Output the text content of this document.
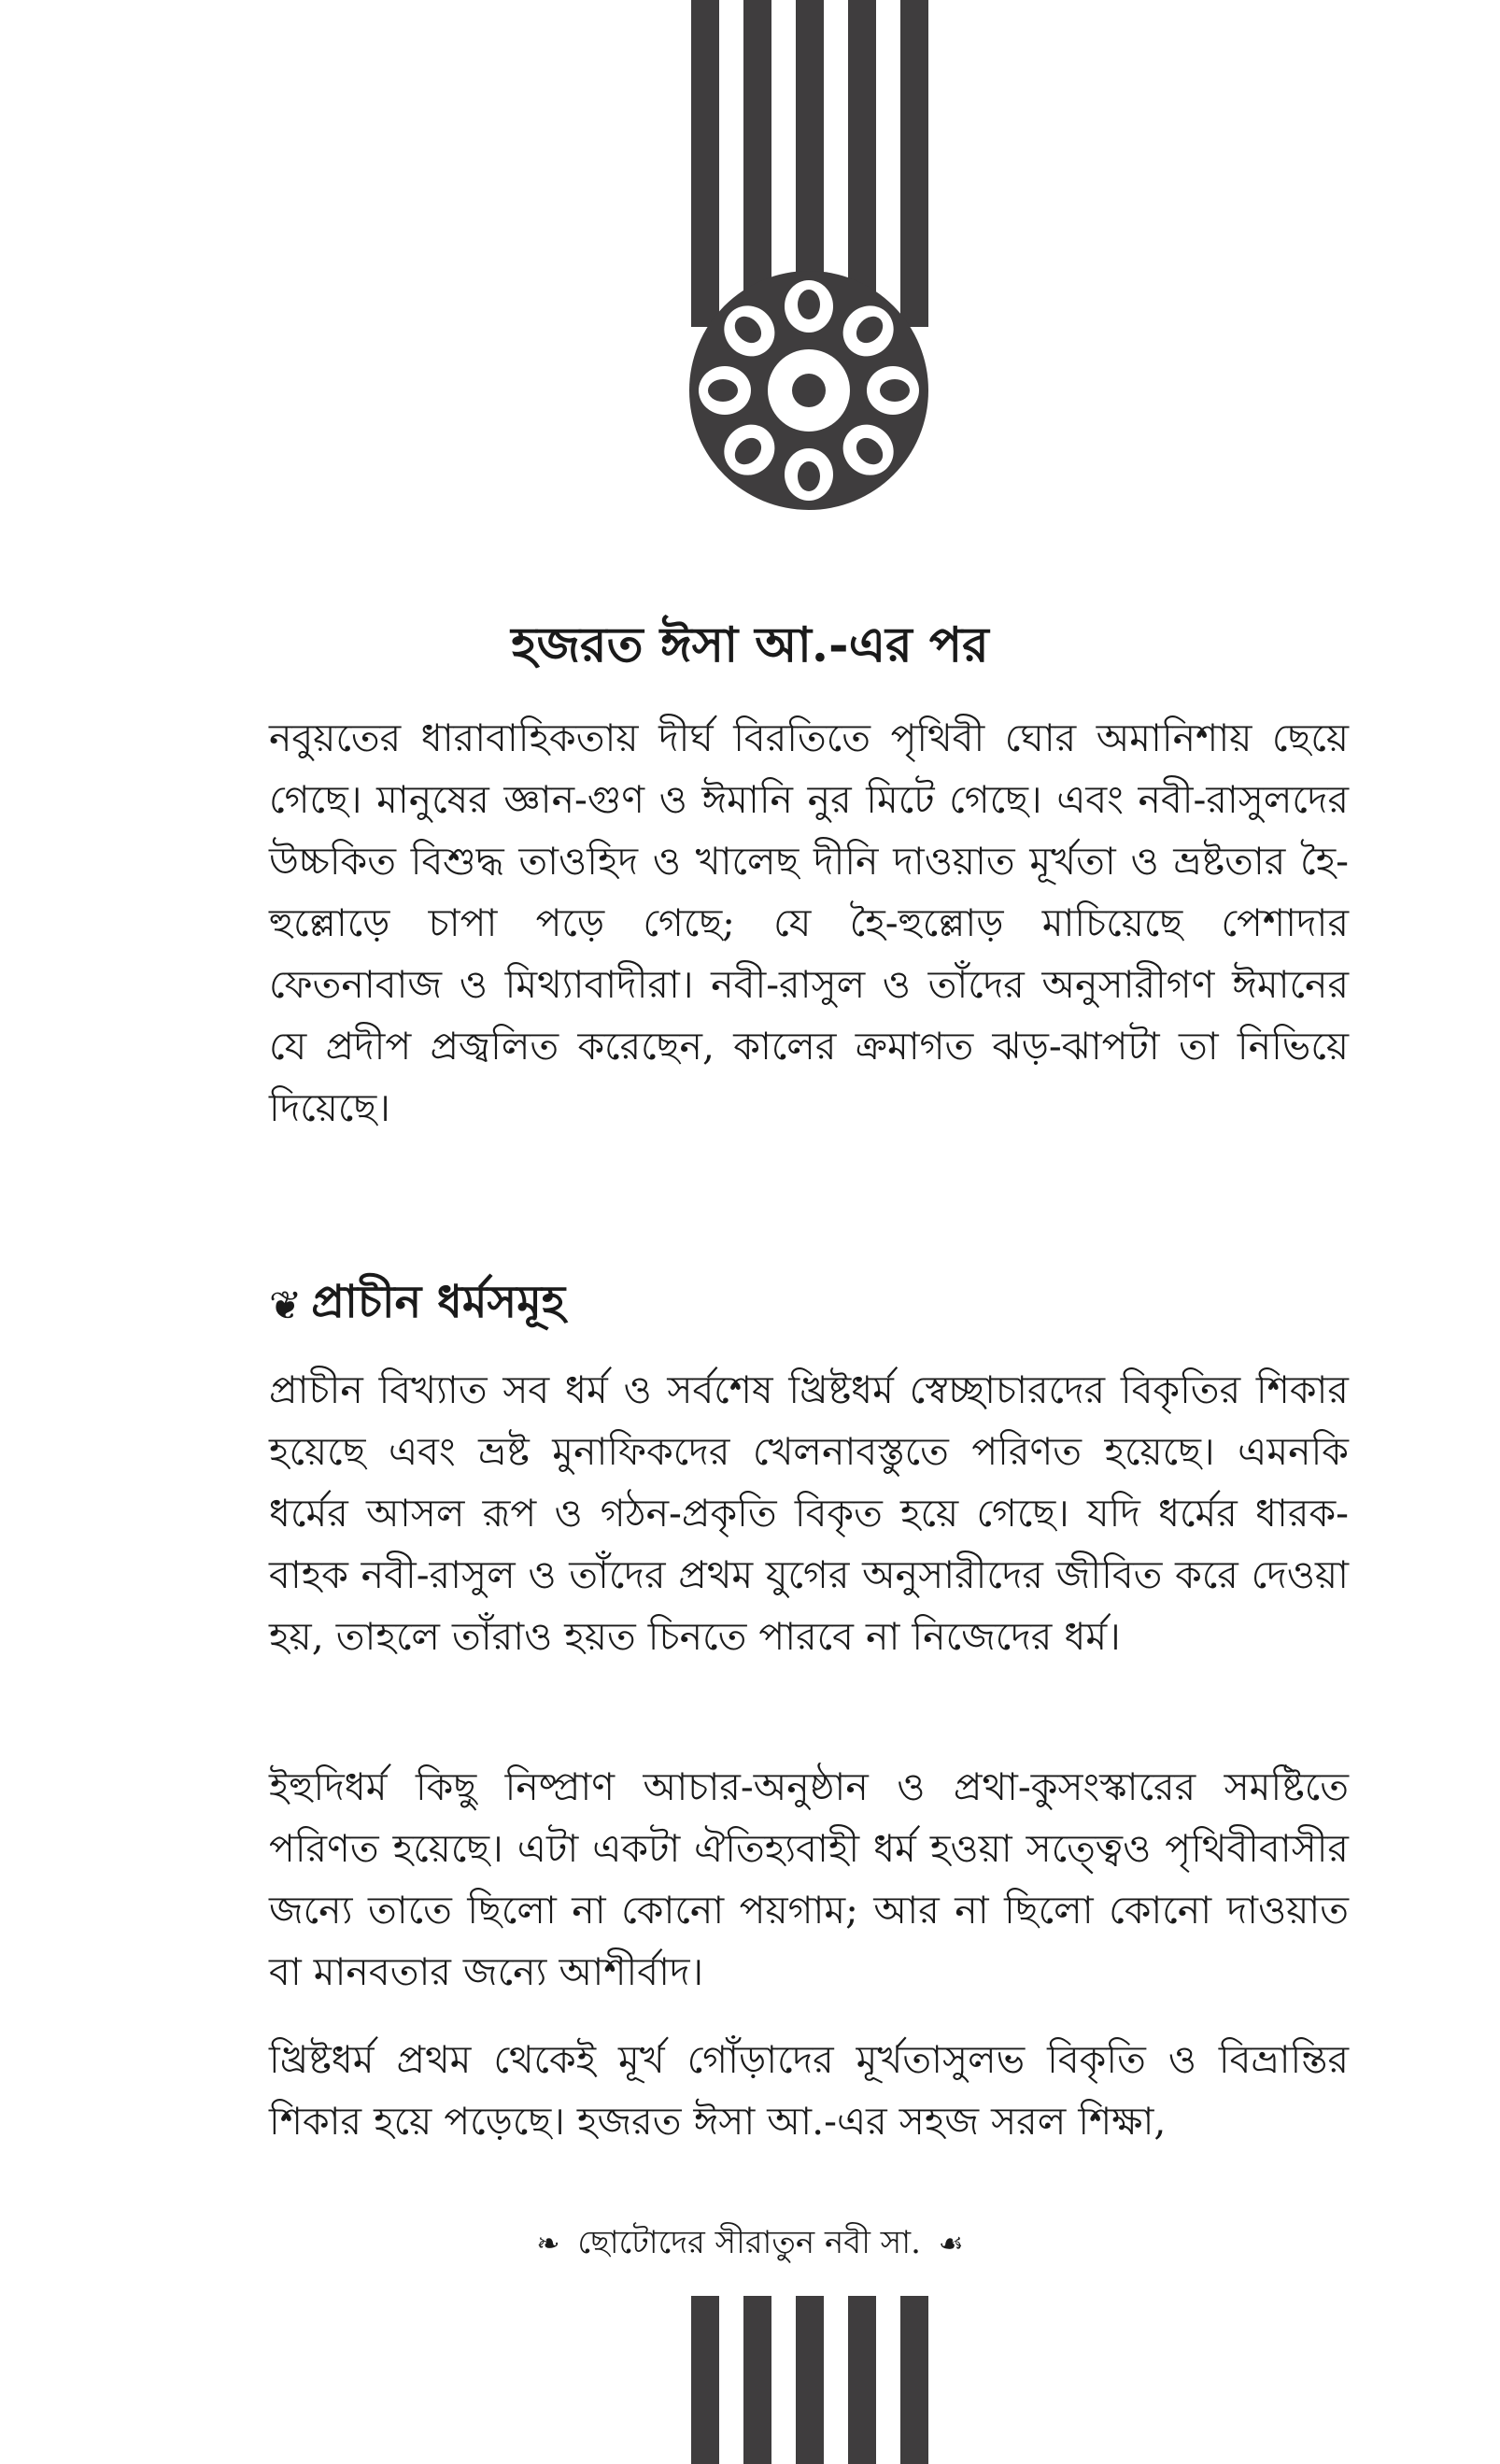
হজরত ঈসা আ.-এর পর

নবুয়তের ধারাবাহিকতায় দীর্ঘ বিরতিতে পৃথিবী ঘোর অমানিশায় ছেয়ে গেছে। মানুষের জ্ঞান-গুণ ও ঈমানি নুর মিটে গেছে। এবং নবী-রাসুলদের উচ্চকিত বিশুদ্ধ তাওহিদ ও খালেছ দীনি দাওয়াত মূর্খতা ও ভ্রষ্টতার হৈ-হুল্লোড়ে চাপা পড়ে গেছে; যে হৈ-হুল্লোড় মাচিয়েছে পেশাদার ফেতনাবাজ ও মিথ্যাবাদীরা। নবী-রাসুল ও তাঁদের অনুসারীগণ ঈমানের যে প্রদীপ প্রজ্বলিত করেছেন, কালের ক্রমাগত ঝড়-ঝাপটা তা নিভিয়ে দিয়েছে।

❦ প্রাচীন ধর্মসমূহ

প্রাচীন বিখ্যাত সব ধর্ম ও সর্বশেষ খ্রিষ্টধর্ম স্বেচ্ছাচারদের বিকৃতির শিকার হয়েছে এবং ভ্রষ্ট মুনাফিকদের খেলনাবস্তুতে পরিণত হয়েছে। এমনকি ধর্মের আসল রূপ ও গঠন-প্রকৃতি বিকৃত হয়ে গেছে। যদি ধর্মের ধারক-বাহক নবী-রাসুল ও তাঁদের প্রথম যুগের অনুসারীদের জীবিত করে দেওয়া হয়, তাহলে তাঁরাও হয়ত চিনতে পারবে না নিজেদের ধর্ম।

ইহুদিধর্ম কিছু নিষ্প্রাণ আচার-অনুষ্ঠান ও প্রথা-কুসংস্কারের সমষ্টিতে পরিণত হয়েছে। এটা একটা ঐতিহ্যবাহী ধর্ম হওয়া সত্ত্বেও পৃথিবীবাসীর জন্যে তাতে ছিলো না কোনো পয়গাম; আর না ছিলো কোনো দাওয়াত বা মানবতার জন্যে আশীর্বাদ।

খ্রিষ্টধর্ম প্রথম থেকেই মূর্খ গোঁড়াদের মূর্খতাসুলভ বিকৃতি ও বিভ্রান্তির শিকার হয়ে পড়েছে। হজরত ঈসা আ.-এর সহজ সরল শিক্ষা,

❧ ছোটোদের সীরাতুন নবী সা. ☙
